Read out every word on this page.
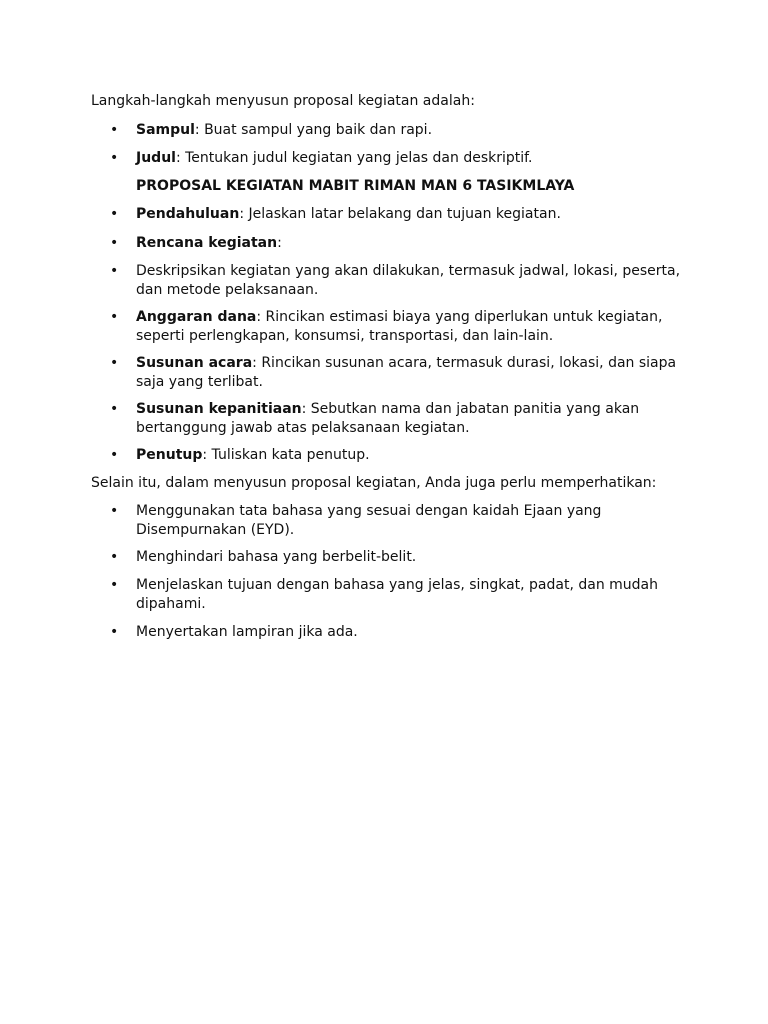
Langkah-langkah menyusun proposal kegiatan adalah:

• Sampul: Buat sampul yang baik dan rapi.

• Judul: Tentukan judul kegiatan yang jelas dan deskriptif.

PROPOSAL KEGIATAN MABIT RIMAN MAN 6 TASIKMLAYA

• Pendahuluan: Jelaskan latar belakang dan tujuan kegiatan.

• Rencana kegiatan:

• Deskripsikan kegiatan yang akan dilakukan, termasuk jadwal, lokasi, peserta, dan metode pelaksanaan.

• Anggaran dana: Rincikan estimasi biaya yang diperlukan untuk kegiatan, seperti perlengkapan, konsumsi, transportasi, dan lain-lain.

• Susunan acara: Rincikan susunan acara, termasuk durasi, lokasi, dan siapa saja yang terlibat.

• Susunan kepanitiaan: Sebutkan nama dan jabatan panitia yang akan bertanggung jawab atas pelaksanaan kegiatan.

• Penutup: Tuliskan kata penutup.

Selain itu, dalam menyusun proposal kegiatan, Anda juga perlu memperhatikan:

• Menggunakan tata bahasa yang sesuai dengan kaidah Ejaan yang Disempurnakan (EYD).

• Menghindari bahasa yang berbelit-belit.

• Menjelaskan tujuan dengan bahasa yang jelas, singkat, padat, dan mudah dipahami.

• Menyertakan lampiran jika ada.
